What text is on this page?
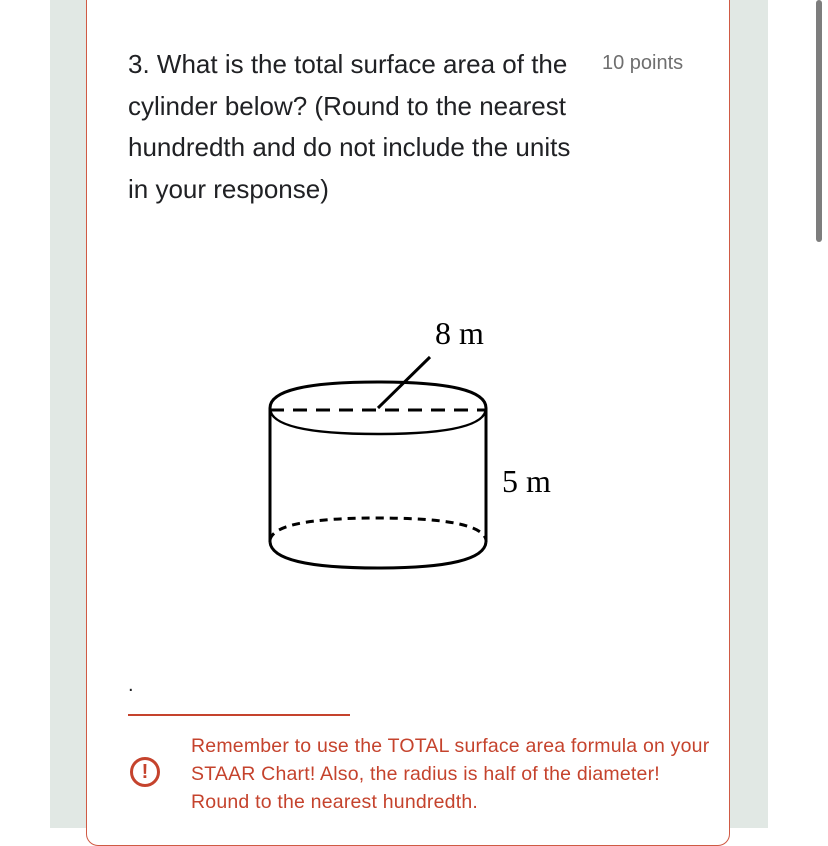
3. What is the total surface area of the cylinder below? (Round to the nearest hundredth and do not include the units in your response)
10 points
8 m
5 m
.
!
Remember to use the TOTAL surface area formula on your STAAR Chart! Also, the radius is half of the diameter! Round to the nearest hundredth.
